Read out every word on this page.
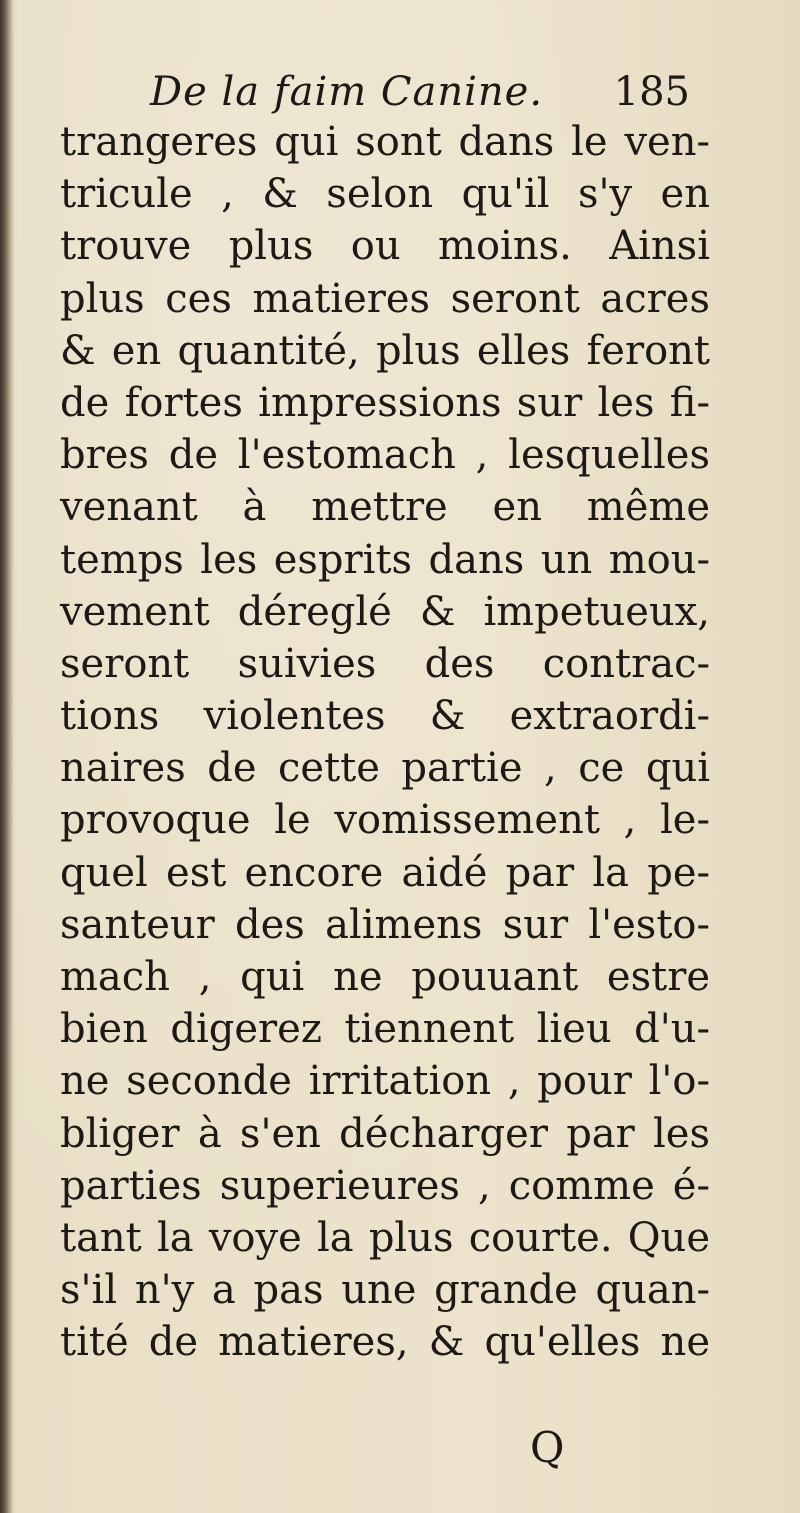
De la faim Canine. 185
trangeres qui sont dans le ven-
tricule , & selon qu'il s'y en
trouve plus ou moins. Ainsi
plus ces matieres seront acres
& en quantité, plus elles feront
de fortes impressions sur les fi-
bres de l'estomach , lesquelles
venant à mettre en même
temps les esprits dans un mou-
vement déreglé & impetueux,
seront suivies des contrac-
tions violentes & extraordi-
naires de cette partie , ce qui
provoque le vomissement , le-
quel est encore aidé par la pe-
santeur des alimens sur l'esto-
mach , qui ne pouuant estre
bien digerez tiennent lieu d'u-
ne seconde irritation , pour l'o-
bliger à s'en décharger par les
parties superieures , comme é-
tant la voye la plus courte. Que
s'il n'y a pas une grande quan-
tité de matieres, & qu'elles ne
Q
